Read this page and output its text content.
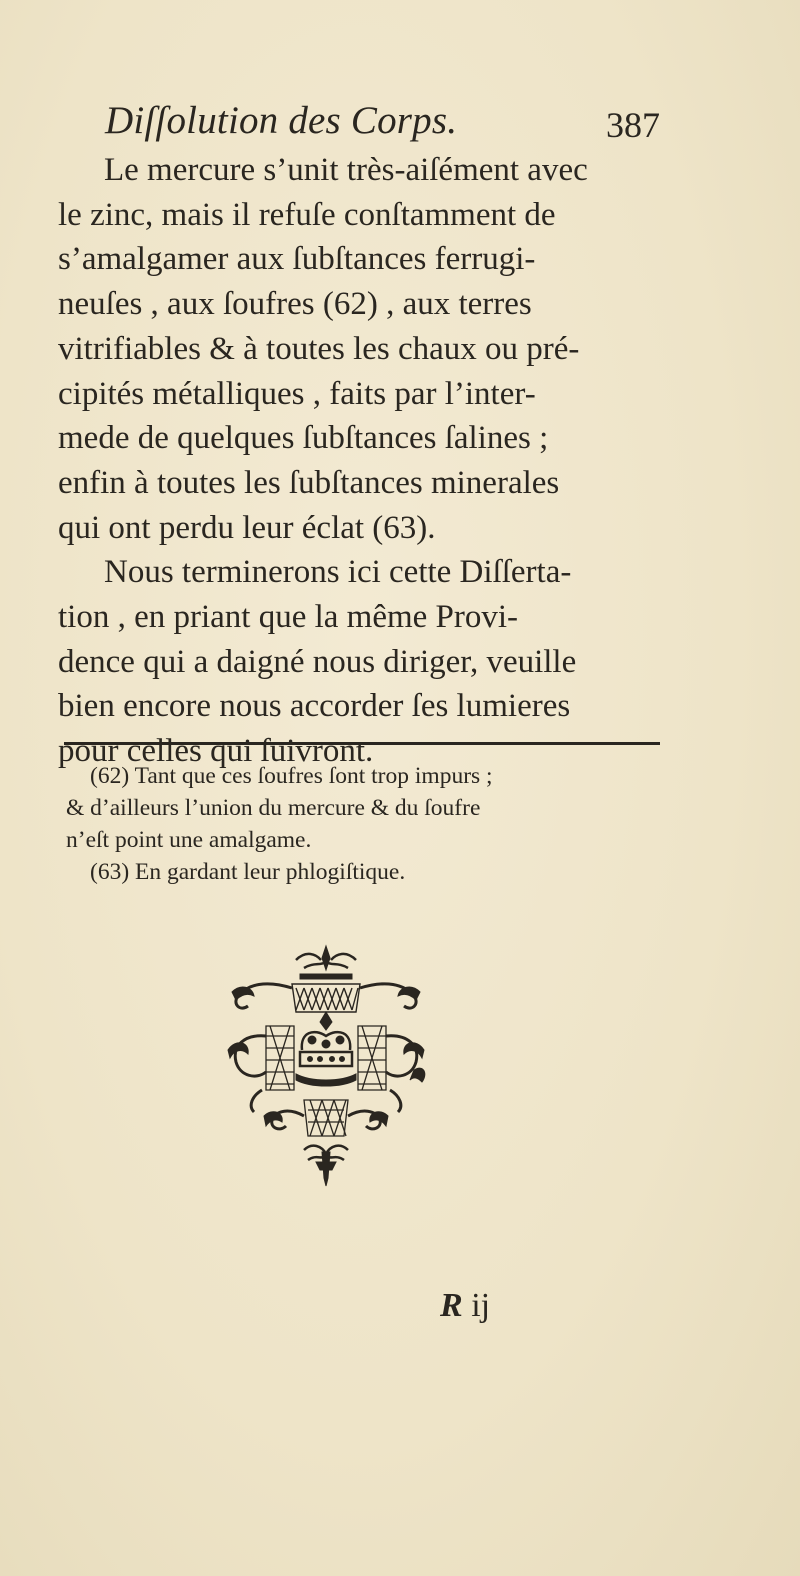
Diſſolution des Corps.	387

Le mercure s’unit très-aiſément avec
le zinc, mais il refuſe conſtamment de
s’amalgamer aux ſubſtances ferrugi-
neuſes , aux ſoufres (62) , aux terres
vitrifiables & à toutes les chaux ou pré-
cipités métalliques , faits par l’inter-
mede de quelques ſubſtances ſalines ;
enfin à toutes les ſubſtances minerales
qui ont perdu leur éclat (63).

Nous terminerons ici cette Diſſerta-
tion , en priant que la même Provi-
dence qui a daigné nous diriger, veuille
bien encore nous accorder ſes lumieres
pour celles qui ſuivront.

(62) Tant que ces ſoufres ſont trop impurs ;
& d’ailleurs l’union du mercure & du ſoufre
n’eſt point une amalgame.
(63) En gardant leur phlogiſtique.
R ij
